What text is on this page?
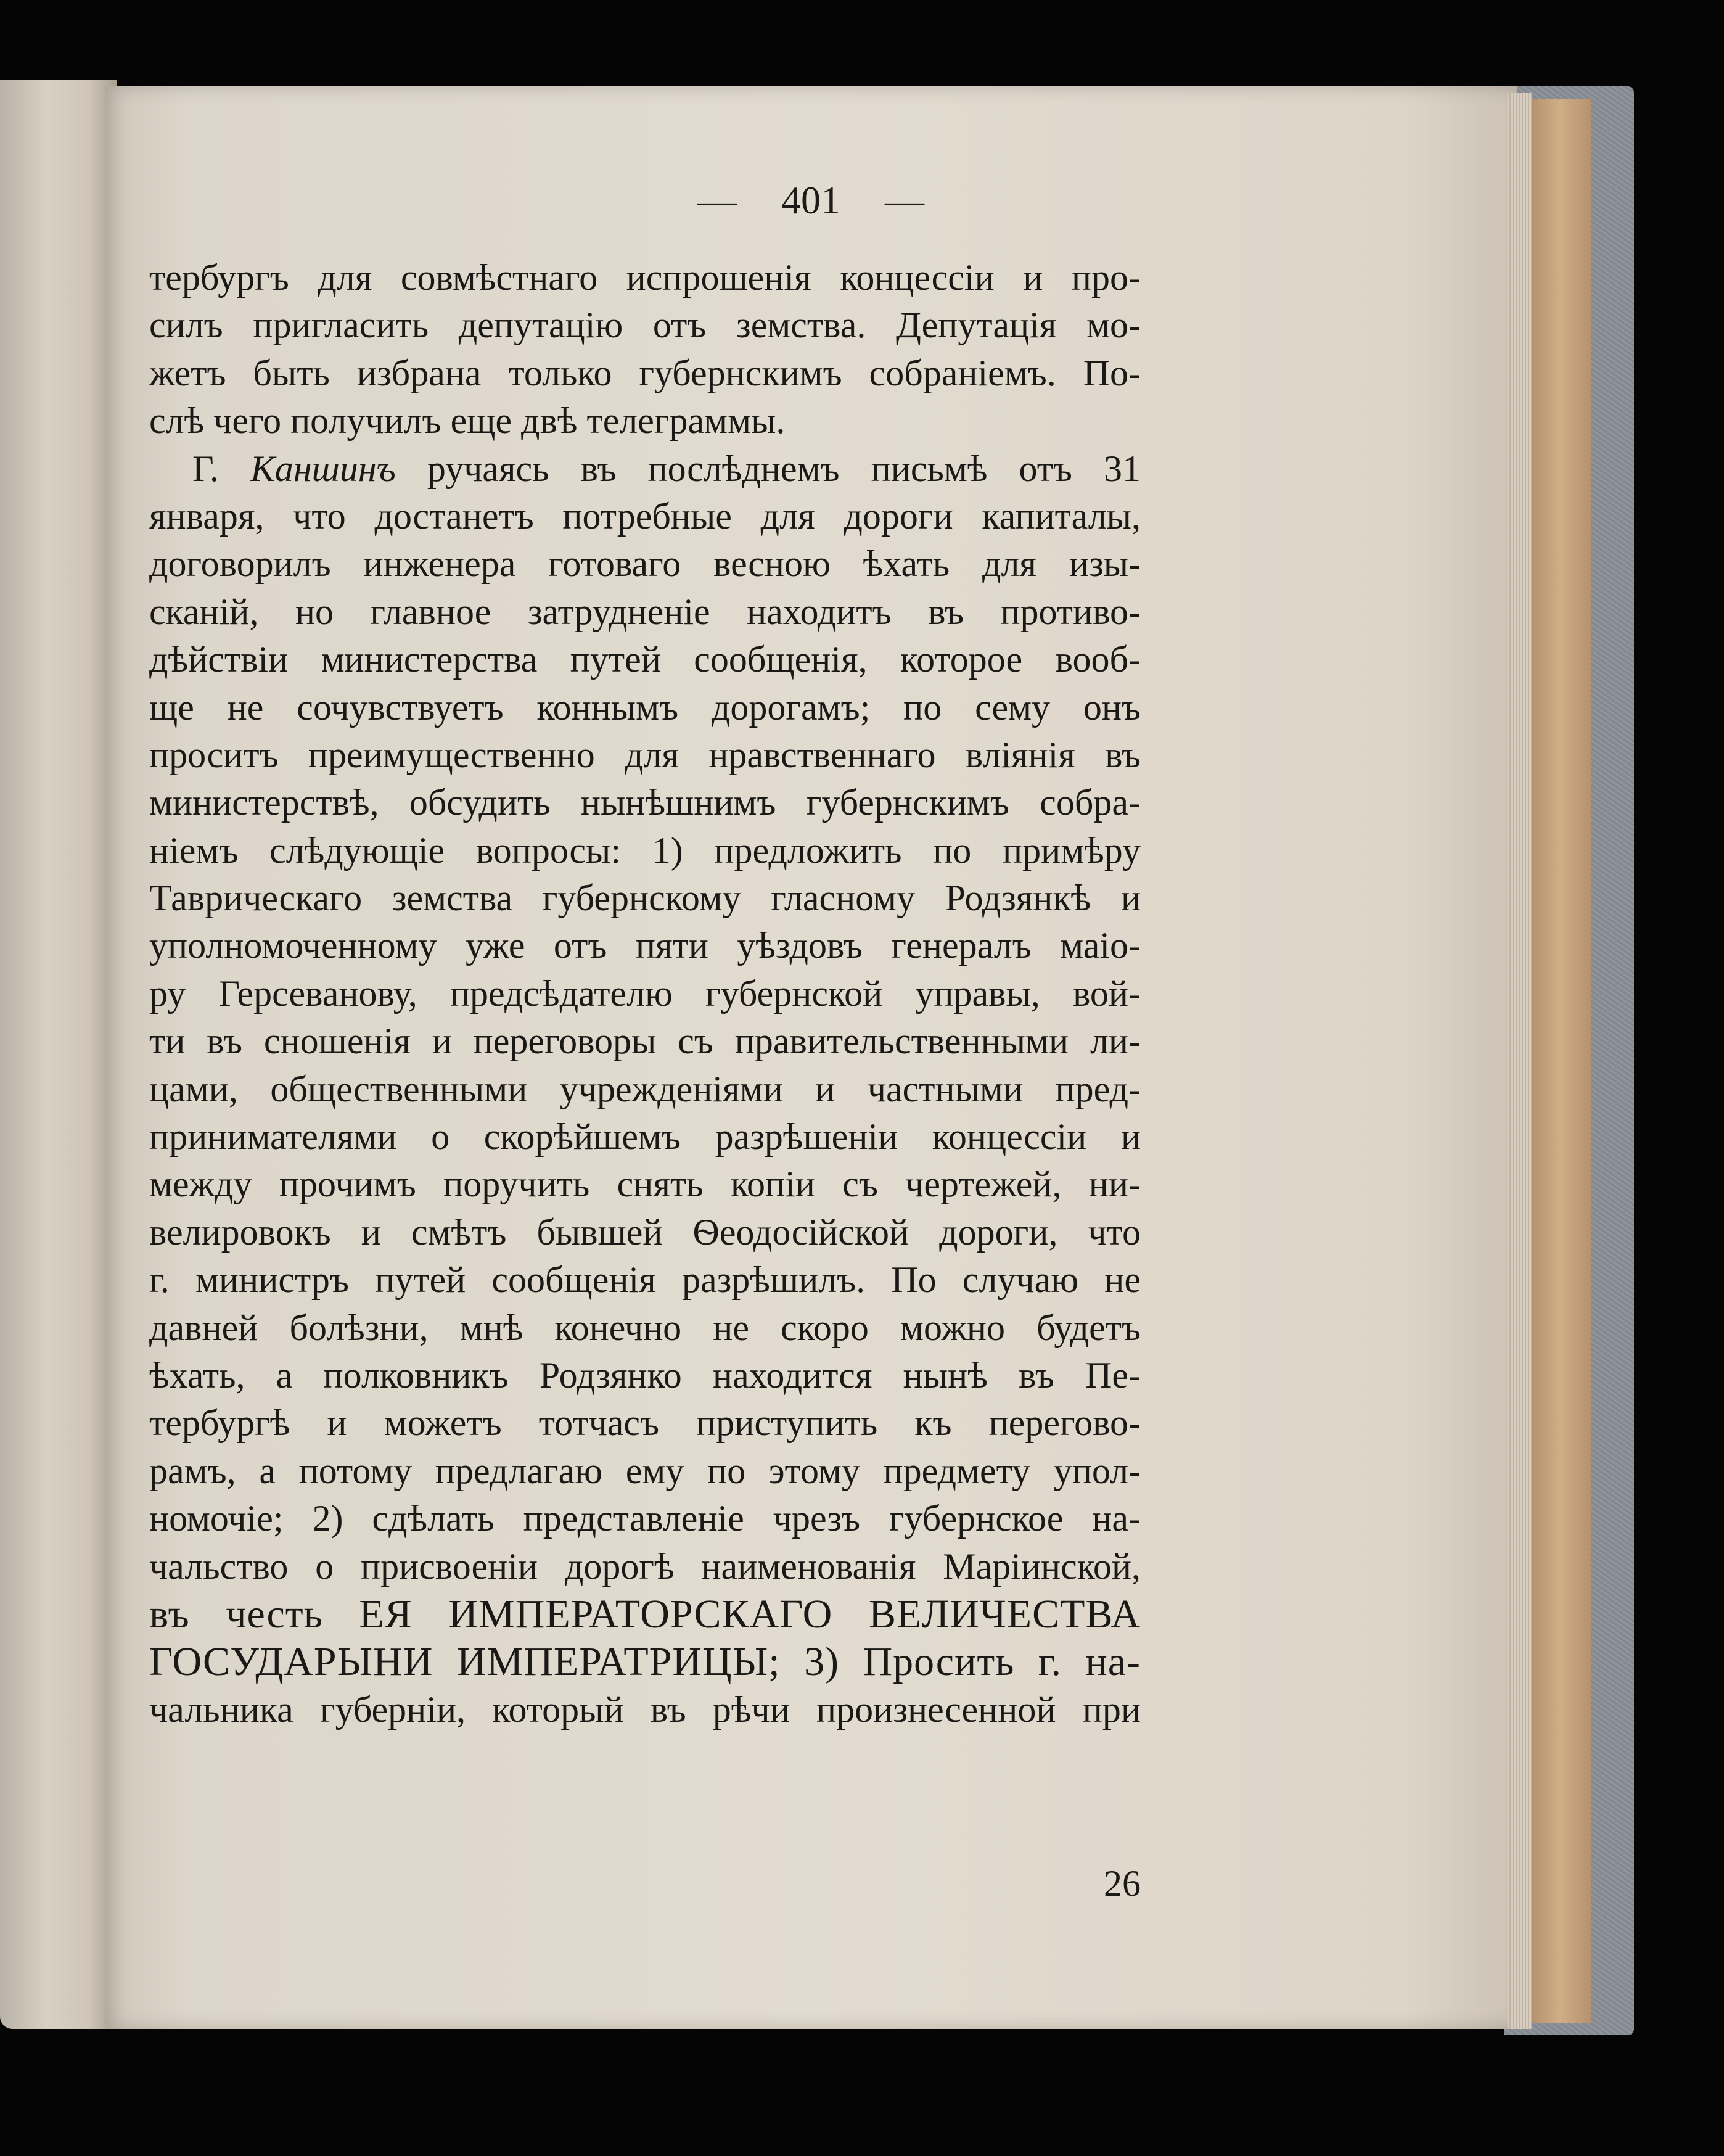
— 401 —
тербургъ для совмѣстнаго испрошенія концессіи и про-
силъ пригласить депутацію отъ земства. Депутація мо-
жетъ быть избрана только губернскимъ собраніемъ. По-
слѣ чего получилъ еще двѣ телеграммы.
Г. Каншинъ ручаясь въ послѣднемъ письмѣ отъ 31
января, что достанетъ потребные для дороги капиталы,
договорилъ инженера готоваго весною ѣхать для изы-
сканій, но главное затрудненіе находитъ въ противо-
дѣйствіи министерства путей сообщенія, которое вооб-
ще не сочувствуетъ коннымъ дорогамъ; по сему онъ
проситъ преимущественно для нравственнаго вліянія въ
министерствѣ, обсудить нынѣшнимъ губернскимъ собра-
ніемъ слѣдующіе вопросы: 1) предложить по примѣру
Таврическаго земства губернскому гласному Родзянкѣ и
уполномоченному уже отъ пяти уѣздовъ генералъ маіо-
ру Герсеванову, предсѣдателю губернской управы, вой-
ти въ сношенія и переговоры съ правительственными ли-
цами, общественными учрежденіями и частными пред-
принимателями о скорѣйшемъ разрѣшеніи концессіи и
между прочимъ поручить снять копіи съ чертежей, ни-
велировокъ и смѣтъ бывшей Ѳеодосійской дороги, что
г. министръ путей сообщенія разрѣшилъ. По случаю не
давней болѣзни, мнѣ конечно не скоро можно будетъ
ѣхать, а полковникъ Родзянко находится нынѣ въ Пе-
тербургѣ и можетъ тотчасъ приступить къ перегово-
рамъ, а потому предлагаю ему по этому предмету упол-
номочіе; 2) сдѣлать представленіе чрезъ губернское на-
чальство о присвоеніи дорогѣ наименованія Маріинской,
въ честь ЕЯ ИМПЕРАТОРСКАГО ВЕЛИЧЕСТВА
ГОСУДАРЫНИ ИМПЕРАТРИЦЫ; 3) Просить г. на-
чальника губерніи, который въ рѣчи произнесенной при
26
